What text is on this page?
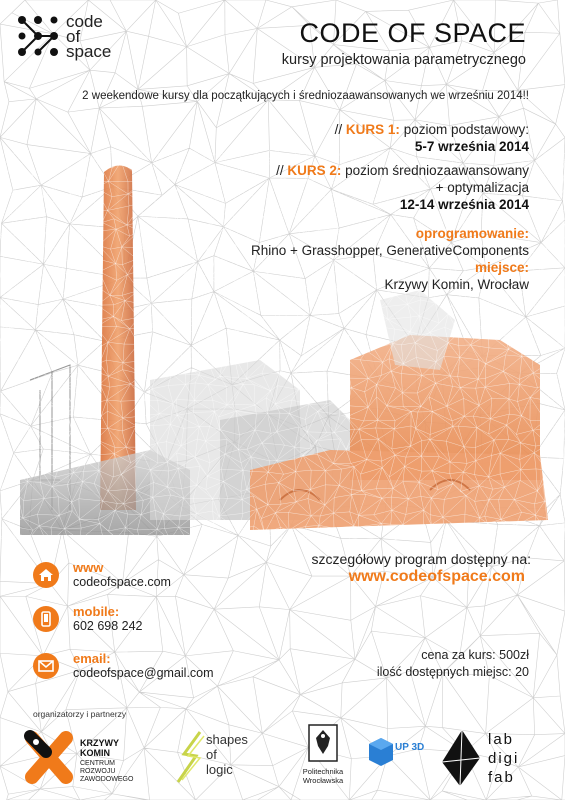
code
of
space
CODE OF SPACE
kursy projektowania parametrycznego
2 weekendowe kursy dla początkujących i średniozaawansowanych we wrześniu 2014!!
// KURS 1: poziom podstawowy:
5-7 września 2014
// KURS 2: poziom średniozaawansowany
+ optymalizacja
12-14 września 2014
oprogramowanie:
Rhino + Grasshopper, GenerativeComponents
miejsce:
Krzywy Komin, Wrocław
www
codeofspace.com
mobile:
602 698 242
email:
codeofspace@gmail.com
szczegółowy program dostępny na:
www.codeofspace.com
cena za kurs: 500zł
ilość dostępnych miejsc: 20
organizatorzy i partnerzy
KRZYWY
KOMIN
CENTRUM
ROZWOJU
ZAWODOWEGO
shapes
of
logic	Politechnika
Wrocławska
UP 3D	lab
digi
fab
